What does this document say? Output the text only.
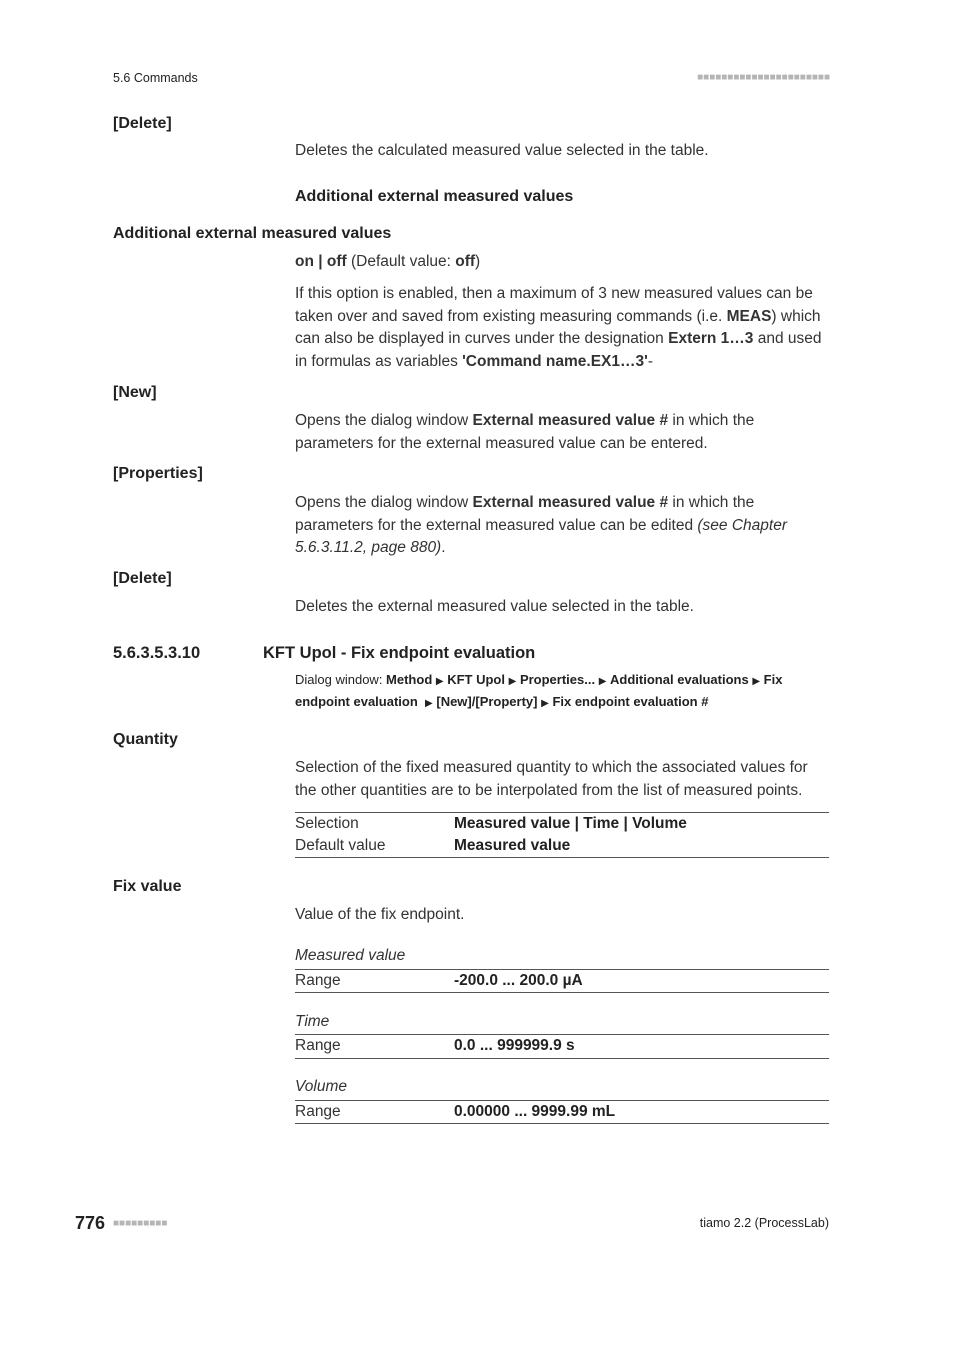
5.6 Commands	■■■■■■■■■■■■■■■■■■■■■■
[Delete]
Deletes the calculated measured value selected in the table.
Additional external measured values
Additional external measured values
on | off (Default value: off)
If this option is enabled, then a maximum of 3 new measured values can be taken over and saved from existing measuring commands (i.e. MEAS) which can also be displayed in curves under the designation Extern 1…3 and used in formulas as variables 'Command name.EX1…3'-
[New]
Opens the dialog window External measured value # in which the parameters for the external measured value can be entered.
[Properties]
Opens the dialog window External measured value # in which the parameters for the external measured value can be edited (see Chapter 5.6.3.11.2, page 880).
[Delete]
Deletes the external measured value selected in the table.
5.6.3.5.3.10	KFT Upol - Fix endpoint evaluation
Dialog window: Method ▶ KFT Upol ▶ Properties... ▶ Additional evaluations ▶ Fix endpoint evaluation ▶ [New]/[Property] ▶ Fix endpoint evaluation #
Quantity
Selection of the fixed measured quantity to which the associated values for the other quantities are to be interpolated from the list of measured points.
Selection	Measured value | Time | Volume
Default value	Measured value
Fix value
Value of the fix endpoint.
Measured value
Range	-200.0 ... 200.0 µA
Time
Range	0.0 ... 999999.9 s
Volume
Range	0.00000 ... 9999.99 mL
776 ■■■■■■■■■	tiamo 2.2 (ProcessLab)
